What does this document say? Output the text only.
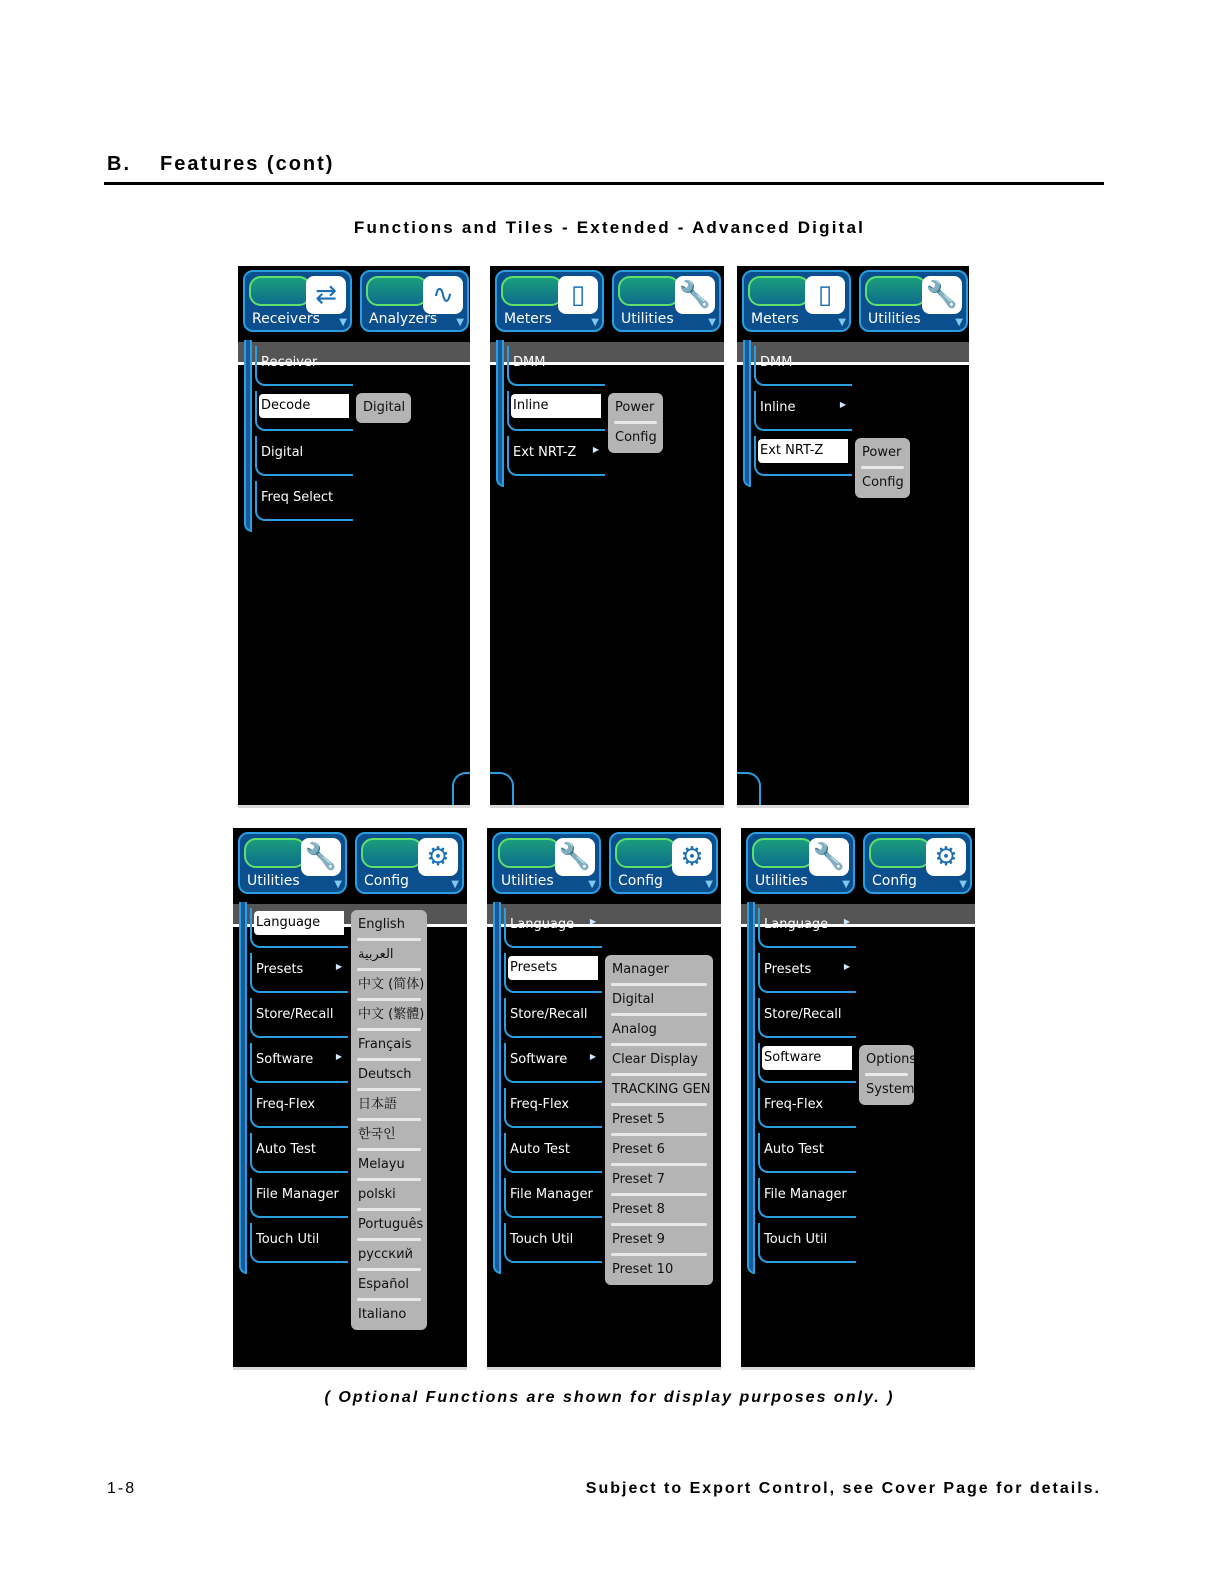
B. Features (cont)
Functions and Tiles - Extended - Advanced Digital
⇄
Receivers ▼
∿
Analyzers ▼
Receiver
Decode
Digital
Freq Select
Digital
▯
Meters	▼
🔧
Utilities	▼
DMM
Inline
Ext NRT-Z ▶
Power
Config
▯
Meters	▼
🔧
Utilities	▼
DMM
Inline	▶
Ext NRT-Z	Power
Config
🔧
Utilities	▼
⚙
Config	▼
Language
Presets	▶
Store/Recall
Software	▶
Freq-Flex
Auto Test
File Manager
Touch Util
English
العربية
中文 (简体)
中文 (繁體)
Français
Deutsch
日本語
한국인
Melayu
polski
Português
русский
Español
Italiano
🔧
Utilities	▼
⚙
Config	▼
Language ▶
Presets
Store/Recall
Software	▶
Freq-Flex
Auto Test
File Manager
Touch Util
Manager
Digital
Analog
Clear Display
TRACKING GEN
Preset 5
Preset 6
Preset 7
Preset 8
Preset 9
Preset 10
🔧
Utilities	▼
⚙
Config	▼
Language ▶
Presets	▶
Store/Recall
Software
Freq-Flex
Auto Test
File Manager
Touch Util
Options
System
( Optional Functions are shown for display purposes only. )
1-8	Subject to Export Control, see Cover Page for details.
